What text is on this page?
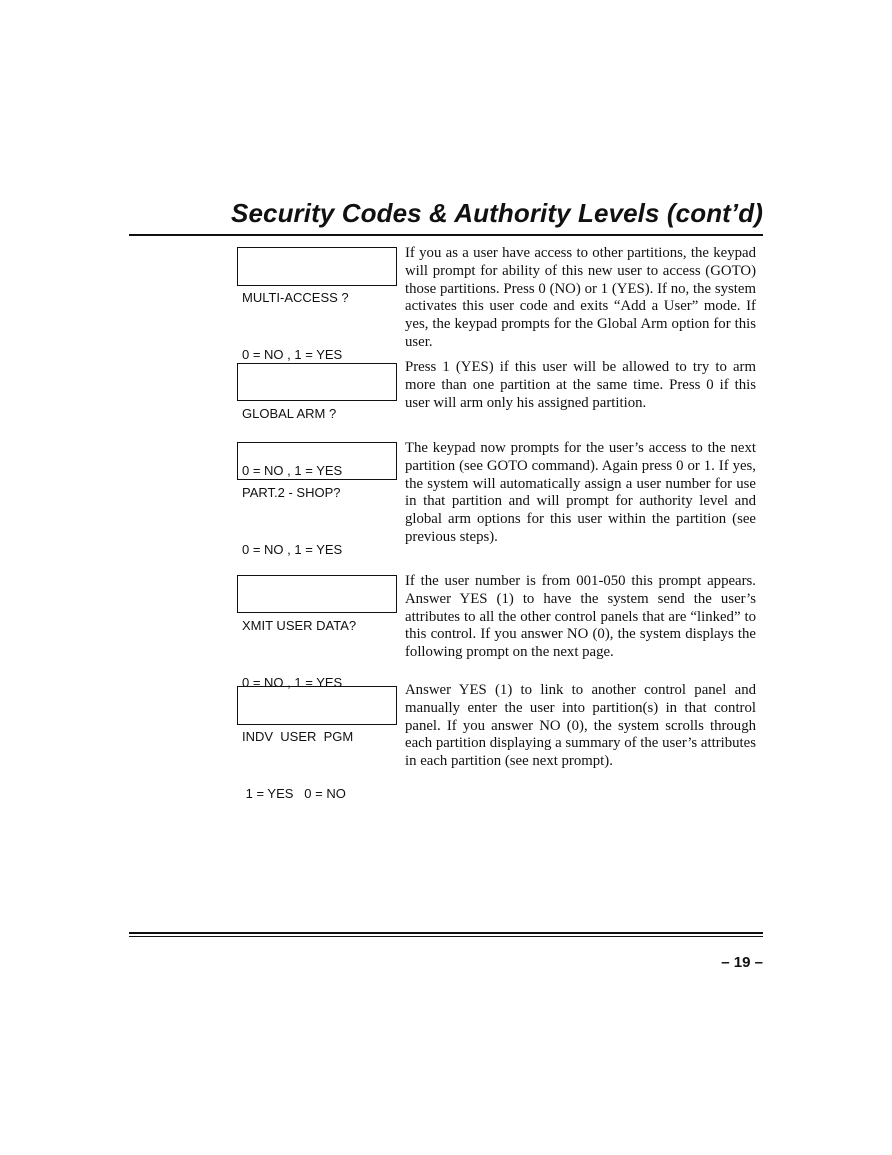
Security Codes & Authority Levels (cont’d)

MULTI-ACCESS ?

0 = NO , 1 = YES

If you as a user have access to other partitions, the keypad will prompt for ability of this new user to access (GOTO) those partitions. Press 0 (NO) or 1 (YES). If no, the system activates this user code and exits “Add a User” mode. If yes, the keypad prompts for the Global Arm option for this user.

GLOBAL ARM ?

0 = NO , 1 = YES

Press 1 (YES) if this user will be allowed to try to arm more than one partition at the same time. Press 0 if this user will arm only his assigned partition.

PART.2 - SHOP?

0 = NO , 1 = YES

The keypad now prompts for the user’s access to the next partition (see GOTO command). Again press 0 or 1. If yes, the system will automatically assign a user number for use in that partition and will prompt for authority level and global arm options for this user within the partition (see previous steps).

XMIT USER DATA?

0 = NO , 1 = YES

If the user number is from 001-050 this prompt appears. Answer YES (1) to have the system send the user’s attributes to all the other control panels that are “linked” to this control. If you answer NO (0), the system displays the following prompt on the next page.

INDV  USER  PGM

1 = YES   0 = NO

Answer YES (1) to link to another control panel and manually enter the user into partition(s) in that control panel. If you answer NO (0), the system scrolls through each partition displaying a summary of the user’s attributes in each partition (see next prompt).

– 19 –
